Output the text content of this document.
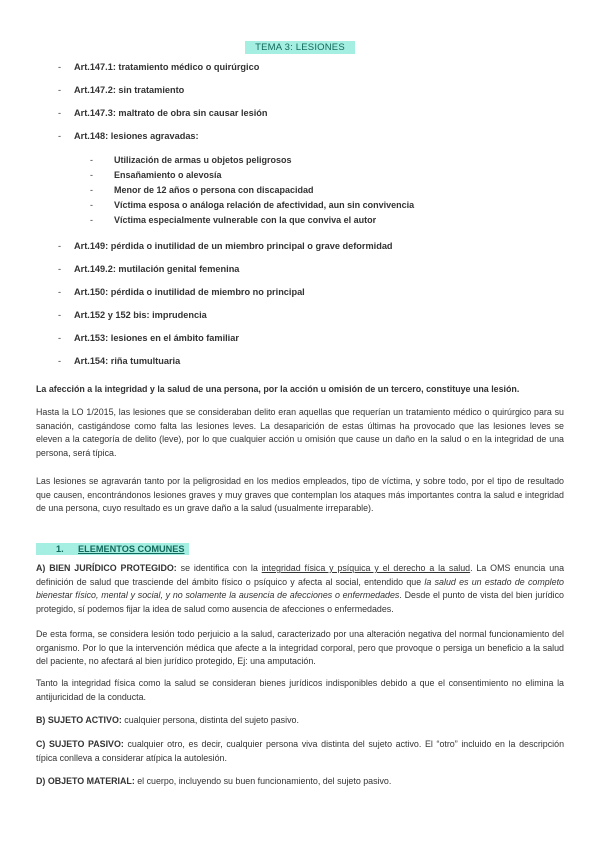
TEMA 3: LESIONES
- Art.147.1: tratamiento médico o quirúrgico
- Art.147.2: sin tratamiento
- Art.147.3: maltrato de obra sin causar lesión
- Art.148: lesiones agravadas:
- Utilización de armas u objetos peligrosos
- Ensañamiento o alevosía
- Menor de 12 años o persona con discapacidad
- Víctima esposa o análoga relación de afectividad, aun sin convivencia
- Víctima especialmente vulnerable con la que conviva el autor
- Art.149: pérdida o inutilidad de un miembro principal o grave deformidad
- Art.149.2: mutilación genital femenina
- Art.150: pérdida o inutilidad de miembro no principal
- Art.152 y 152 bis: imprudencia
- Art.153: lesiones en el ámbito familiar
- Art.154: riña tumultuaria

La afección a la integridad y la salud de una persona, por la acción u omisión de un tercero, constituye una lesión.

Hasta la LO 1/2015, las lesiones que se consideraban delito eran aquellas que requerían un tratamiento médico o quirúrgico para su sanación, castigándose como falta las lesiones leves. La desaparición de estas últimas ha provocado que las lesiones leves se eleven a la categoría de delito (leve), por lo que cualquier acción u omisión que cause un daño en la salud o en la integridad de una persona, será típica.

Las lesiones se agravarán tanto por la peligrosidad en los medios empleados, tipo de víctima, y sobre todo, por el tipo de resultado que causen, encontrándonos lesiones graves y muy graves que contemplan los ataques más importantes contra la salud e integridad de una persona, cuyo resultado es un grave daño a la salud (usualmente irreparable).

1. ELEMENTOS COMUNES

A) BIEN JURÍDICO PROTEGIDO: se identifica con la integridad física y psíquica y el derecho a la salud. La OMS enuncia una definición de salud que trasciende del ámbito físico o psíquico y afecta al social, entendido que la salud es un estado de completo bienestar físico, mental y social, y no solamente la ausencia de afecciones o enfermedades. Desde el punto de vista del bien jurídico protegido, sí podemos fijar la idea de salud como ausencia de afecciones o enfermedades.

De esta forma, se considera lesión todo perjuicio a la salud, caracterizado por una alteración negativa del normal funcionamiento del organismo. Por lo que la intervención médica que afecte a la integridad corporal, pero que provoque o persiga un beneficio a la salud del paciente, no afectará al bien jurídico protegido, Ej: una amputación.

Tanto la integridad física como la salud se consideran bienes jurídicos indisponibles debido a que el consentimiento no elimina la antijuricidad de la conducta.

B) SUJETO ACTIVO: cualquier persona, distinta del sujeto pasivo.

C) SUJETO PASIVO: cualquier otro, es decir, cualquier persona viva distinta del sujeto activo. El “otro” incluido en la descripción típica conlleva a considerar atípica la autolesión.

D) OBJETO MATERIAL: el cuerpo, incluyendo su buen funcionamiento, del sujeto pasivo.
